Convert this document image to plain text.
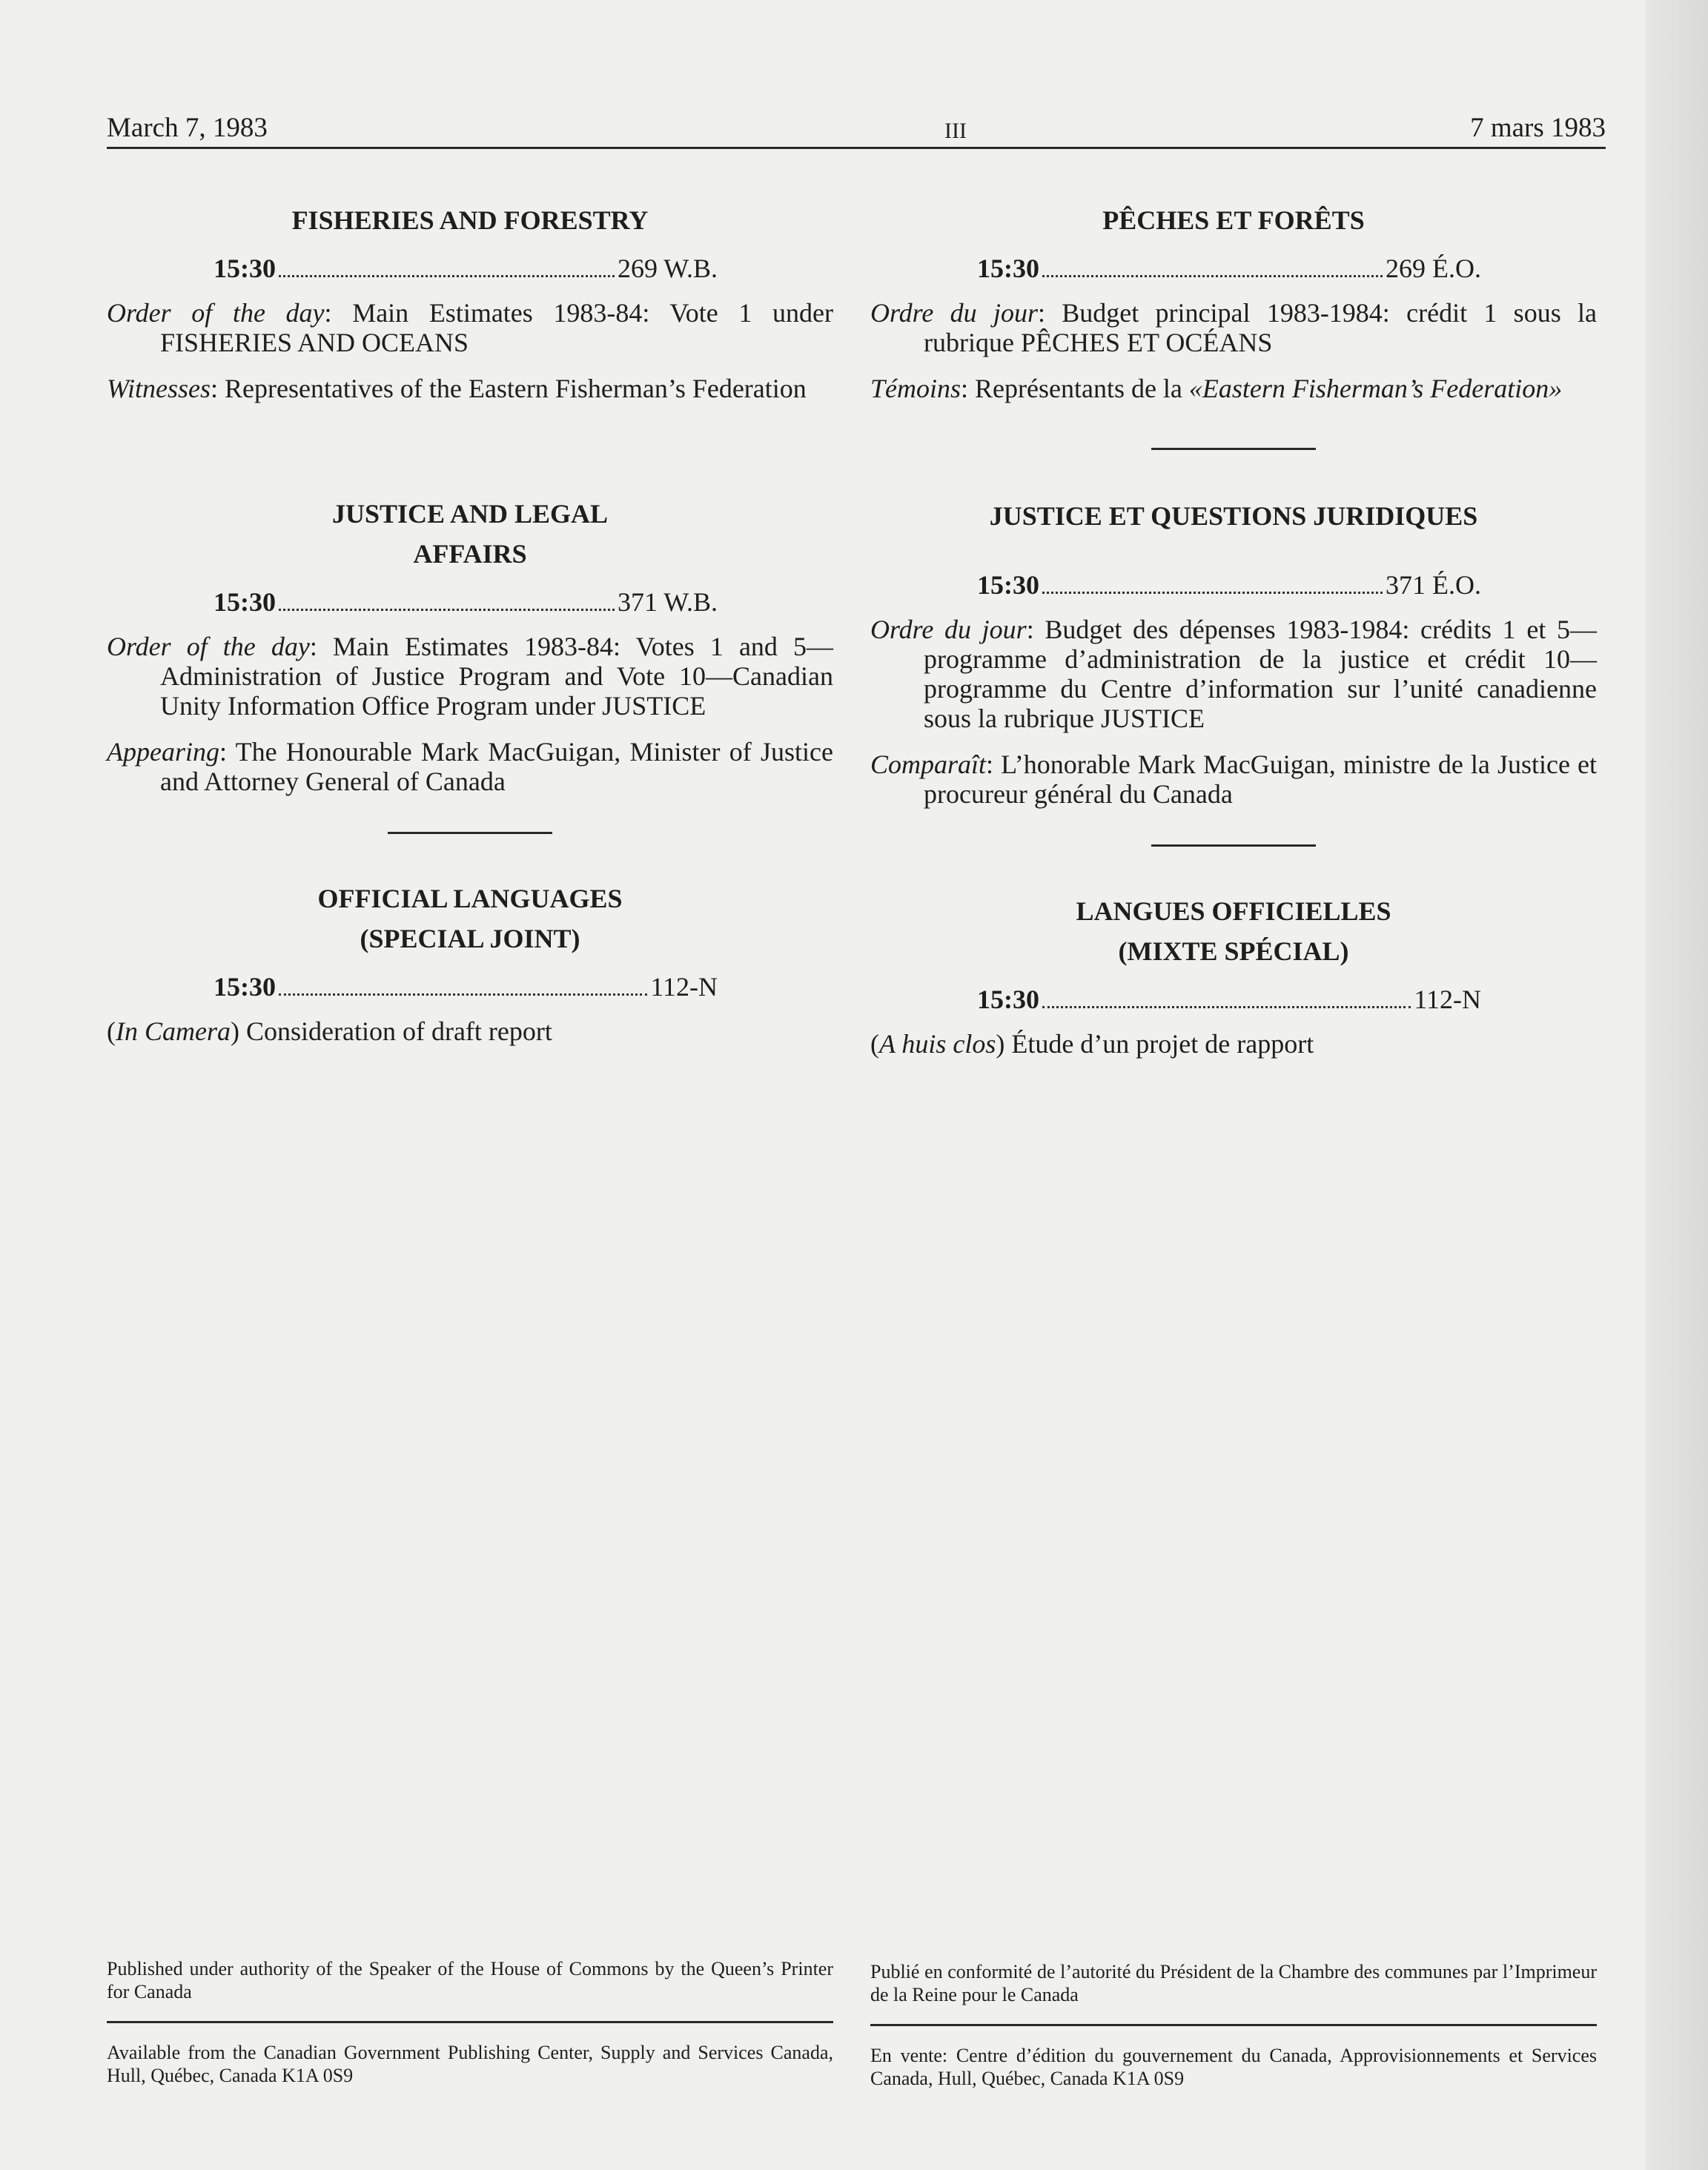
March 7, 1983	III	7 mars 1983
FISHERIES AND FORESTRY
15:30	269 W.B.

Order of the day: Main Estimates 1983-84: Vote 1 under FISHERIES AND OCEANS

Witnesses: Representatives of the Eastern Fisherman’s Federation

JUSTICE AND LEGAL
AFFAIRS
15:30	371 W.B.

Order of the day: Main Estimates 1983-84: Votes 1 and 5—Administration of Justice Program and Vote 10—Canadian Unity Information Office Program under JUSTICE

Appearing: The Honourable Mark MacGuigan, Minister of Justice and Attorney General of Canada

OFFICIAL LANGUAGES
(SPECIAL JOINT)
15:30	112-N

(In Camera) Consideration of draft report

PÊCHES ET FORÊTS
15:30	269 É.O.

Ordre du jour: Budget principal 1983-1984: crédit 1 sous la rubrique PÊCHES ET OCÉANS

Témoins: Représentants de la «Eastern Fisherman’s Federation»

JUSTICE ET QUESTIONS JURIDIQUES
15:30	371 É.O.

Ordre du jour: Budget des dépenses 1983-1984: crédits 1 et 5—programme d’administration de la justice et crédit 10—programme du Centre d’information sur l’unité canadienne sous la rubrique JUSTICE

Comparaît: L’honorable Mark MacGuigan, ministre de la Justice et procureur général du Canada

LANGUES OFFICIELLES
(MIXTE SPÉCIAL)
15:30	112-N

(A huis clos) Étude d’un projet de rapport

Published under authority of the Speaker of the House of Commons by the Queen’s Printer for Canada
Available from the Canadian Government Publishing Center, Supply and Services Canada, Hull, Québec, Canada K1A 0S9
Publié en conformité de l’autorité du Président de la Chambre des communes par l’Imprimeur de la Reine pour le Canada
En vente: Centre d’édition du gouvernement du Canada, Approvisionnements et Services Canada, Hull, Québec, Canada K1A 0S9
